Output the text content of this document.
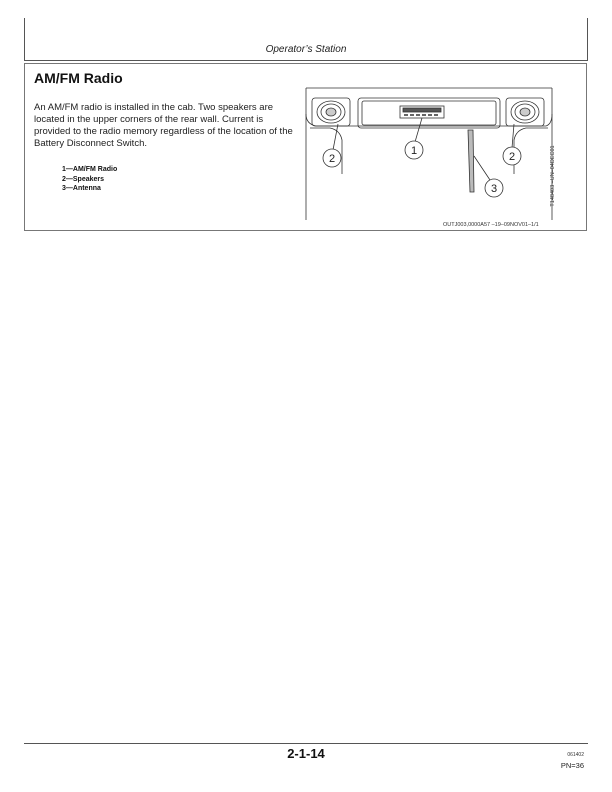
Operator’s Station
AM/FM Radio

An AM/FM radio is installed in the cab. Two speakers are located in the upper corners of the rear wall. Current is provided to the radio memory regardless of the location of the Battery Disconnect Switch.

1—AM/FM Radio
2—Speakers
3—Antenna
2
1	2
3	T148403 –UN–04DEC01
OUTJ003,0000A57 –19–09NOV01–1/1
2-1-14	061402
PN=36
